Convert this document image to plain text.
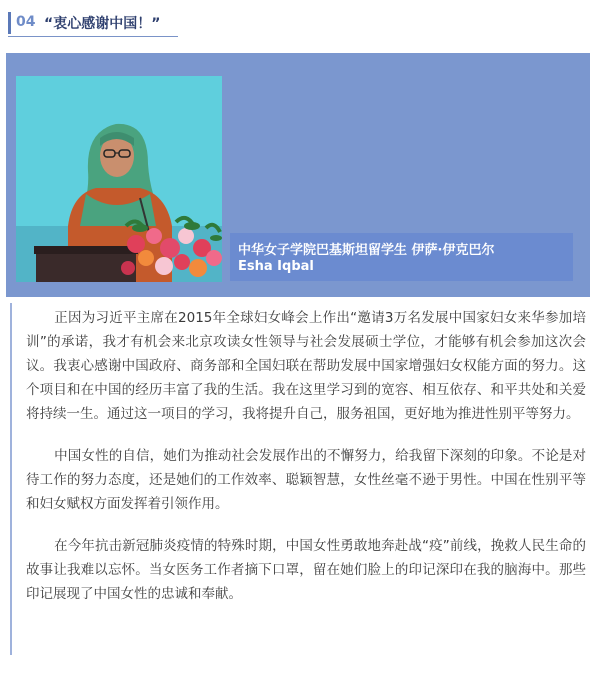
04 “衷心感谢中国！”
中华女子学院巴基斯坦留学生 伊萨·伊克巴尔
Esha Iqbal

正因为习近平主席在2015年全球妇女峰会上作出“邀请3万名发展中国家妇女来华参加培训”的承诺，我才有机会来北京攻读女性领导与社会发展硕士学位，才能够有机会参加这次会议。我衷心感谢中国政府、商务部和全国妇联在帮助发展中国家增强妇女权能方面的努力。这个项目和在中国的经历丰富了我的生活。我在这里学习到的宽容、相互依存、和平共处和关爱将持续一生。通过这一项目的学习，我将提升自己，服务祖国，更好地为推进性别平等努力。

中国女性的自信，她们为推动社会发展作出的不懈努力，给我留下深刻的印象。不论是对待工作的努力态度，还是她们的工作效率、聪颖智慧，女性丝毫不逊于男性。中国在性别平等和妇女赋权方面发挥着引领作用。

在今年抗击新冠肺炎疫情的特殊时期，中国女性勇敢地奔赴战“疫”前线，挽救人民生命的故事让我难以忘怀。当女医务工作者摘下口罩，留在她们脸上的印记深印在我的脑海中。那些印记展现了中国女性的忠诚和奉献。
